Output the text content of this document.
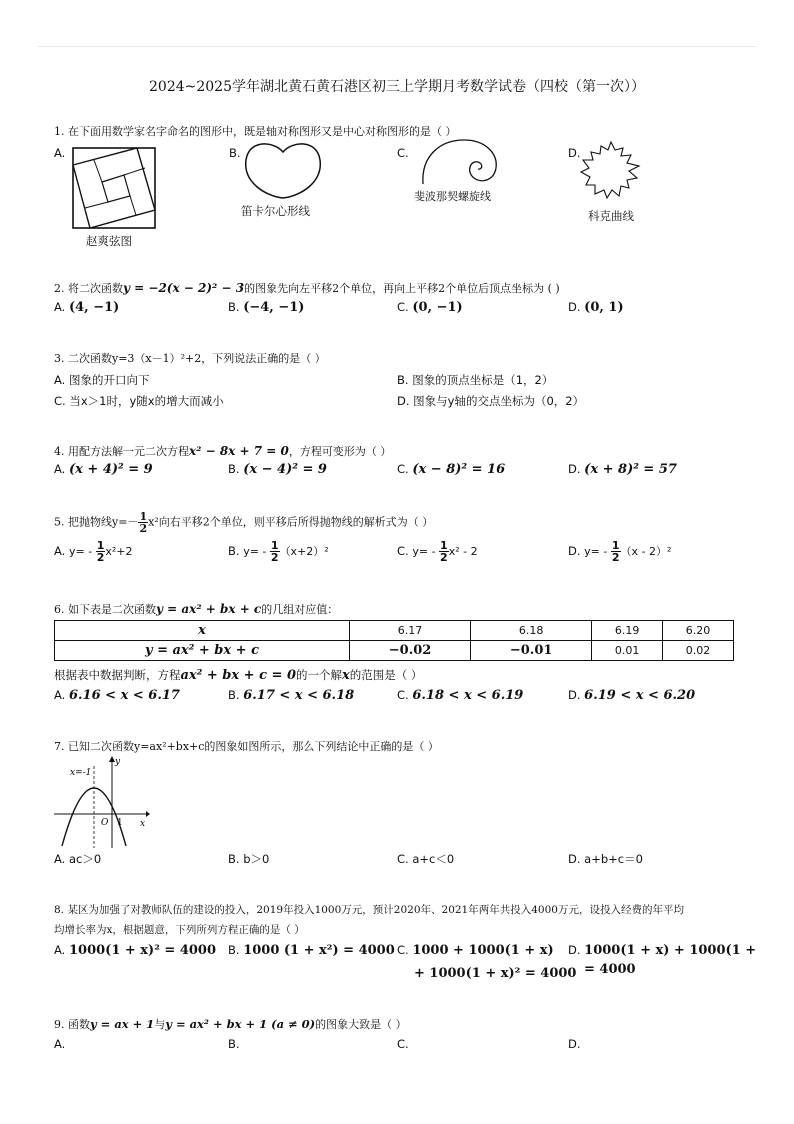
2024~2025学年湖北黄石黄石港区初三上学期月考数学试卷（四校（第一次））
1. 在下面用数学家名字命名的图形中，既是轴对称图形又是中心对称图形的是（ ）
A.
赵爽弦图
B.
笛卡尔心形线
C.
斐波那契螺旋线
D.
科克曲线
2. 将二次函数y = −2(x − 2)² − 3的图象先向左平移2个单位，再向上平移2个单位后顶点坐标为 ( )
A. (4, −1)	B. (−4, −1)	C. (0, −1)	D. (0, 1)
3. 二次函数y=3（x－1）²+2，下列说法正确的是（ ）
A. 图象的开口向下	B. 图象的顶点坐标是（1，2）
C. 当x＞1时，y随x的增大而减小	D. 图象与y轴的交点坐标为（0，2）
4. 用配方法解一元二次方程x² − 8x + 7 = 0，方程可变形为（ ）
A. (x + 4)² = 9	B. (x − 4)² = 9	C. (x − 8)² = 16	D. (x + 8)² = 57
5. 把抛物线$y=- \frac{1}{2} x^2$向右平移2个单位，则平移后所得抛物线的解析式为（ ）
A. $y= - \frac{1}{2} x^2+2$	B. $y= - \frac{1}{2} (x+2)^2$	C. $y= - \frac{1}{2} x^2 - 2$	D. $y= - \frac{1}{2} (x - 2)^2$
6. 如下表是二次函数y = ax² + bx + c的几组对应值：
x	6.17	6.18	6.19	6.20
y = ax² + bx + c	−0.02	−0.01	0.01	0.02
根据表中数据判断，方程ax² + bx + c = 0的一个解x的范围是（ ）
A. 6.16 < x < 6.17	B. 6.17 < x < 6.18	C. 6.18 < x < 6.19	D. 6.19 < x < 6.20
7. 已知二次函数y=ax²+bx+c的图象如图所示，那么下列结论中正确的是（ ）
x=-1
y
x
O 1
A. ac＞0	B. b＞0	C. a+c＜0	D. a+b+c＝0
8. 某区为加强了对教师队伍的建设的投入，2019年投入1000万元，预计2020年、2021年两年共投入4000万元，设投入经费的年平均
均增长率为x，根据题意，下列所列方程正确的是（ ）
A. 1000(1 + x)² = 4000 B. 1000 (1 + x²) = 4000 C. 1000 + 1000(1 + x)
+ 1000(1 + x)² = 4000
D. 1000(1 + x) + 1000(1 +
= 4000
9. 函数y = ax + 1与y = ax² + bx + 1 (a ≠ 0)的图象大致是（ ）
A.	B.	C.	D.
